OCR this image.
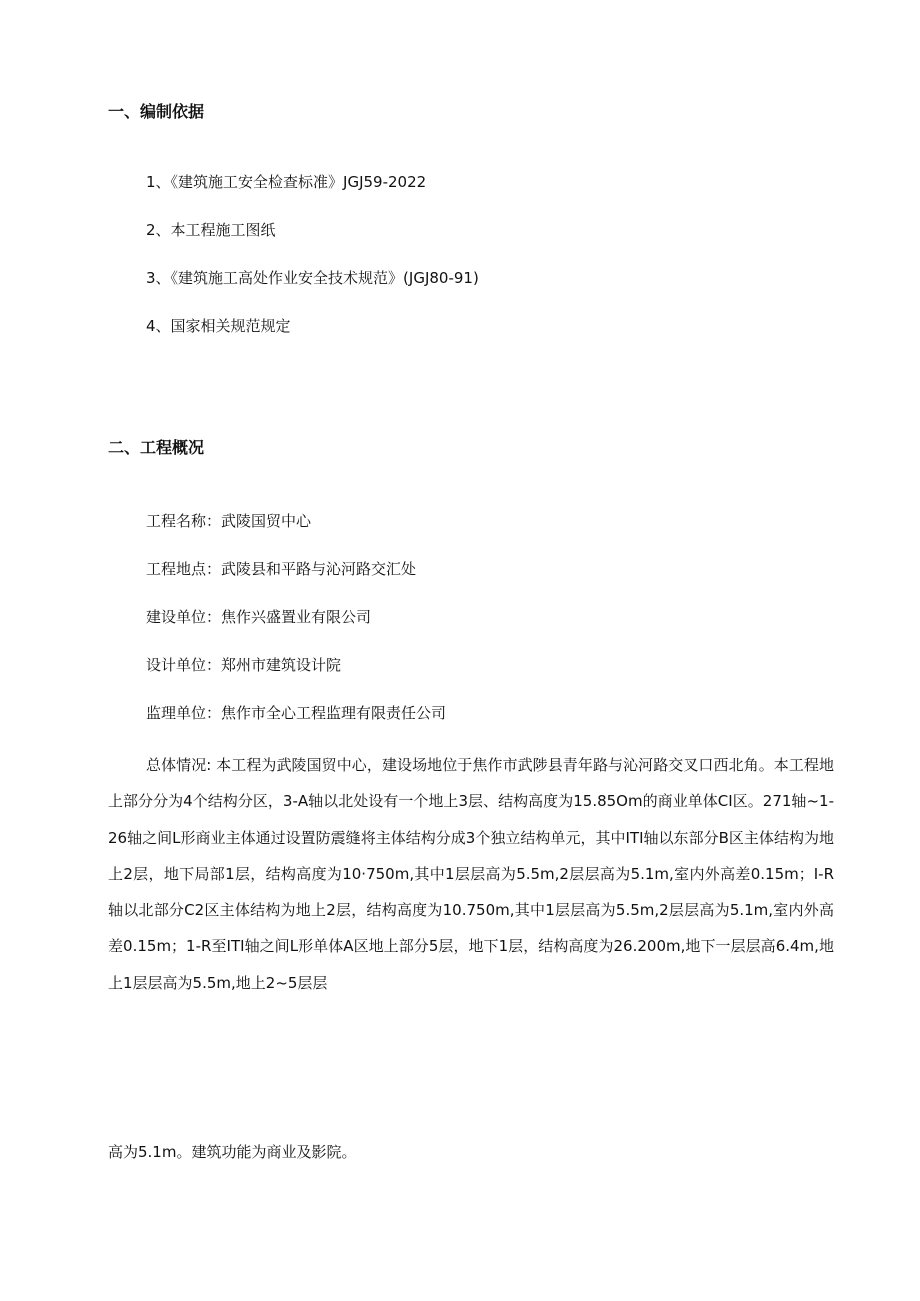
一、编制依据
1、《建筑施工安全检查标准》JGJ59-2022
2、本工程施工图纸
3、《建筑施工高处作业安全技术规范》(JGJ80-91)
4、国家相关规范规定
二、工程概况
工程名称：武陵国贸中心
工程地点：武陵县和平路与沁河路交汇处
建设单位：焦作兴盛置业有限公司
设计单位：郑州市建筑设计院
监理单位：焦作市全心工程监理有限责任公司
总体情况: 本工程为武陵国贸中心，建设场地位于焦作市武陟县青年路与沁河路交叉口西北角。本工程地上部分分为4个结构分区，3-A轴以北处设有一个地上3层、结构高度为15.85Om的商业单体CI区。271轴~1-26轴之间L形商业主体通过设置防震缝将主体结构分成3个独立结构单元，其中ITI轴以东部分B区主体结构为地上2层，地下局部1层，结构高度为10·750m,其中1层层高为5.5m,2层层高为5.1m,室内外高差0.15m；I-R轴以北部分C2区主体结构为地上2层，结构高度为10.750m,其中1层层高为5.5m,2层层高为5.1m,室内外高差0.15m；1-R至ITI轴之间L形单体A区地上部分5层，地下1层，结构高度为26.200m,地下一层层高6.4m,地上1层层高为5.5m,地上2~5层层
高为5.1m。建筑功能为商业及影院。
